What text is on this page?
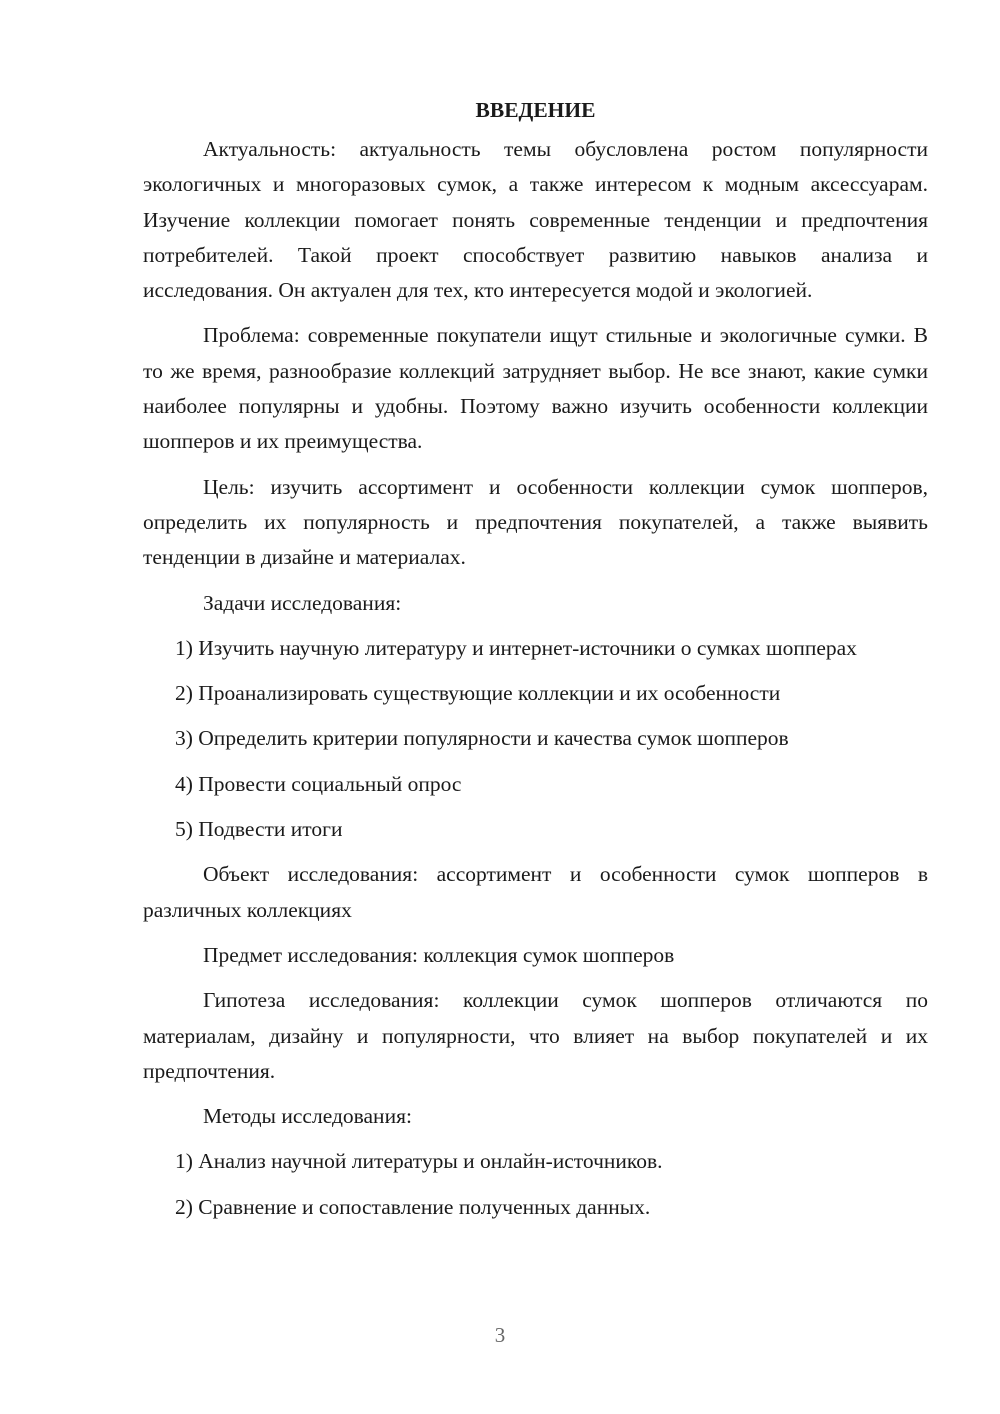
ВВЕДЕНИЕ
Актуальность: актуальность темы обусловлена ростом популярности экологичных и многоразовых сумок, а также интересом к модным аксессуарам. Изучение коллекции помогает понять современные тенденции и предпочтения потребителей. Такой проект способствует развитию навыков анализа и исследования. Он актуален для тех, кто интересуется модой и экологией.
Проблема: современные покупатели ищут стильные и экологичные сумки. В то же время, разнообразие коллекций затрудняет выбор. Не все знают, какие сумки наиболее популярны и удобны. Поэтому важно изучить особенности коллекции шопперов и их преимущества.
Цель: изучить ассортимент и особенности коллекции сумок шопперов, определить их популярность и предпочтения покупателей, а также выявить тенденции в дизайне и материалах.
Задачи исследования:
1) Изучить научную литературу и интернет-источники о сумках шопперах
2) Проанализировать существующие коллекции и их особенности
3) Определить критерии популярности и качества сумок шопперов
4) Провести социальный опрос
5) Подвести итоги
Объект исследования: ассортимент и особенности сумок шопперов в различных коллекциях
Предмет исследования: коллекция сумок шопперов
Гипотеза исследования: коллекции сумок шопперов отличаются по материалам, дизайну и популярности, что влияет на выбор покупателей и их предпочтения.
Методы исследования:
1) Анализ научной литературы и онлайн-источников.
2) Сравнение и сопоставление полученных данных.
3
